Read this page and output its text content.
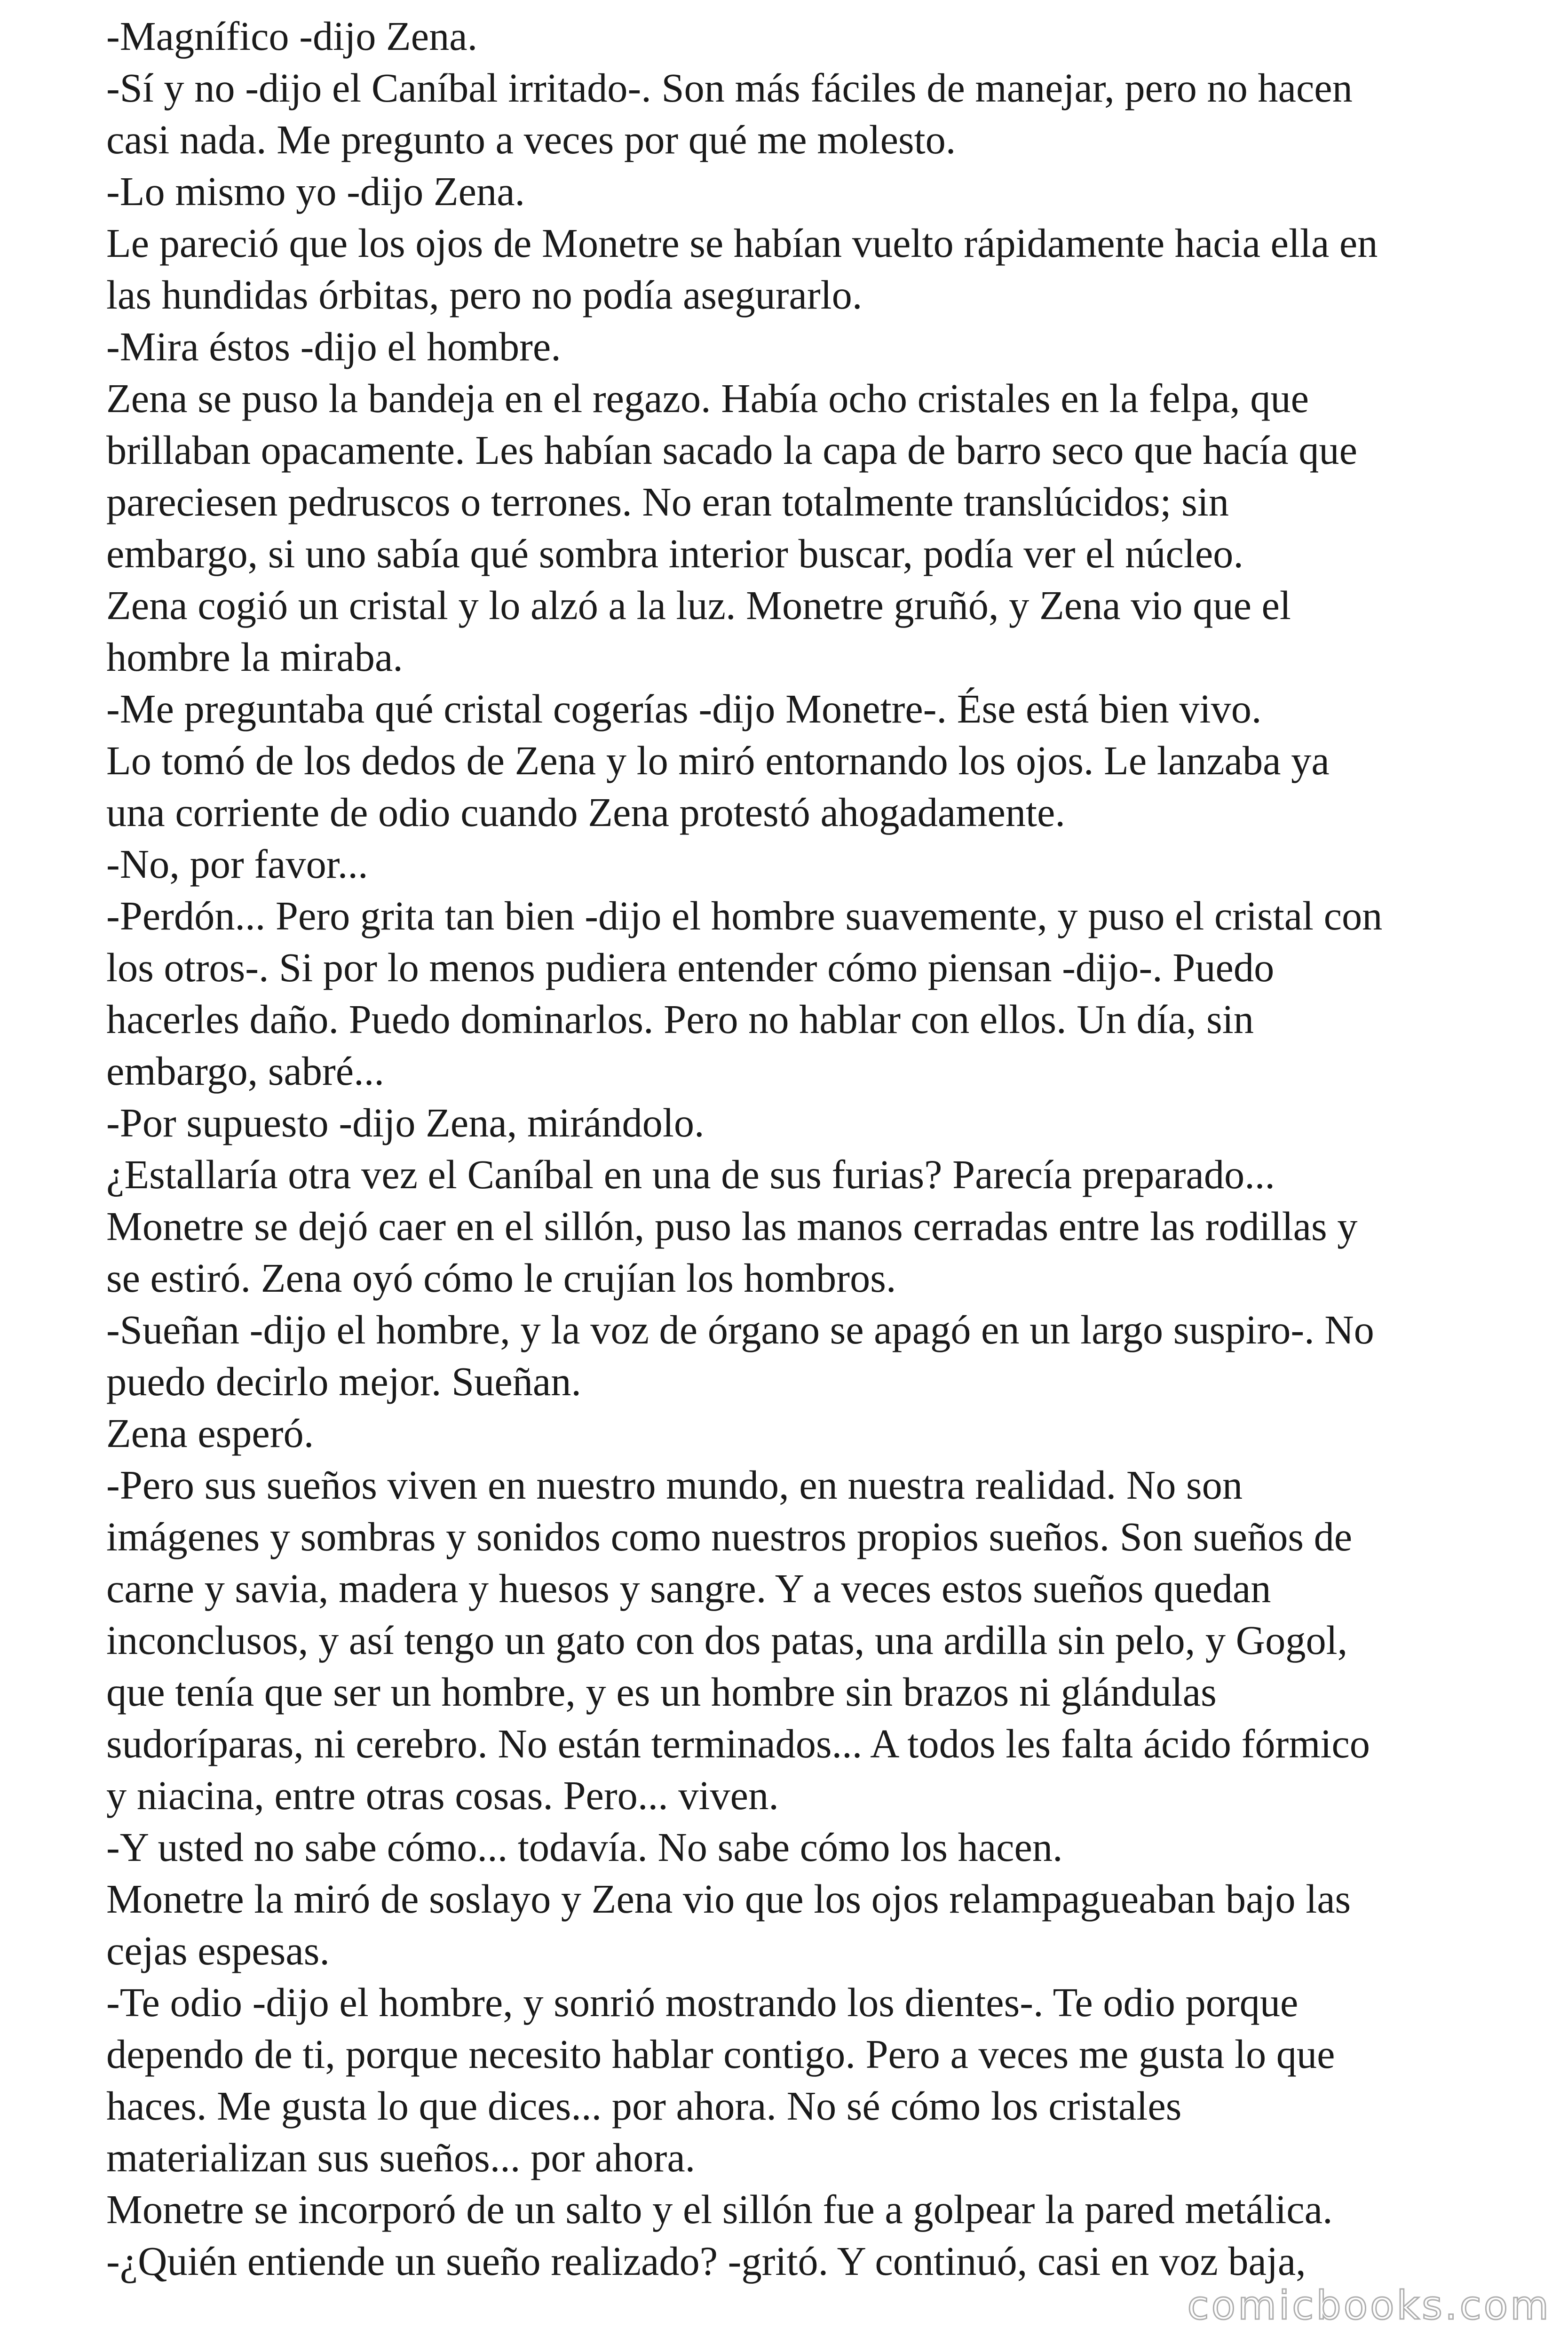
-Magnífico -dijo Zena.
-Sí y no -dijo el Caníbal irritado-. Son más fáciles de manejar, pero no hacen
casi nada. Me pregunto a veces por qué me molesto.
-Lo mismo yo -dijo Zena.
Le pareció que los ojos de Monetre se habían vuelto rápidamente hacia ella en
las hundidas órbitas, pero no podía asegurarlo.
-Mira éstos -dijo el hombre.
Zena se puso la bandeja en el regazo. Había ocho cristales en la felpa, que
brillaban opacamente. Les habían sacado la capa de barro seco que hacía que
pareciesen pedruscos o terrones. No eran totalmente translúcidos; sin
embargo, si uno sabía qué sombra interior buscar, podía ver el núcleo.
Zena cogió un cristal y lo alzó a la luz. Monetre gruñó, y Zena vio que el
hombre la miraba.
-Me preguntaba qué cristal cogerías -dijo Monetre-. Ése está bien vivo.
Lo tomó de los dedos de Zena y lo miró entornando los ojos. Le lanzaba ya
una corriente de odio cuando Zena protestó ahogadamente.
-No, por favor...
-Perdón... Pero grita tan bien -dijo el hombre suavemente, y puso el cristal con
los otros-. Si por lo menos pudiera entender cómo piensan -dijo-. Puedo
hacerles daño. Puedo dominarlos. Pero no hablar con ellos. Un día, sin
embargo, sabré...
-Por supuesto -dijo Zena, mirándolo.
¿Estallaría otra vez el Caníbal en una de sus furias? Parecía preparado...
Monetre se dejó caer en el sillón, puso las manos cerradas entre las rodillas y
se estiró. Zena oyó cómo le crujían los hombros.
-Sueñan -dijo el hombre, y la voz de órgano se apagó en un largo suspiro-. No
puedo decirlo mejor. Sueñan.
Zena esperó.
-Pero sus sueños viven en nuestro mundo, en nuestra realidad. No son
imágenes y sombras y sonidos como nuestros propios sueños. Son sueños de
carne y savia, madera y huesos y sangre. Y a veces estos sueños quedan
inconclusos, y así tengo un gato con dos patas, una ardilla sin pelo, y Gogol,
que tenía que ser un hombre, y es un hombre sin brazos ni glándulas
sudoríparas, ni cerebro. No están terminados... A todos les falta ácido fórmico
y niacina, entre otras cosas. Pero... viven.
-Y usted no sabe cómo... todavía. No sabe cómo los hacen.
Monetre la miró de soslayo y Zena vio que los ojos relampagueaban bajo las
cejas espesas.
-Te odio -dijo el hombre, y sonrió mostrando los dientes-. Te odio porque
dependo de ti, porque necesito hablar contigo. Pero a veces me gusta lo que
haces. Me gusta lo que dices... por ahora. No sé cómo los cristales
materializan sus sueños... por ahora.
Monetre se incorporó de un salto y el sillón fue a golpear la pared metálica.
-¿Quién entiende un sueño realizado? -gritó. Y continuó, casi en voz baja,
comicbooks.com
